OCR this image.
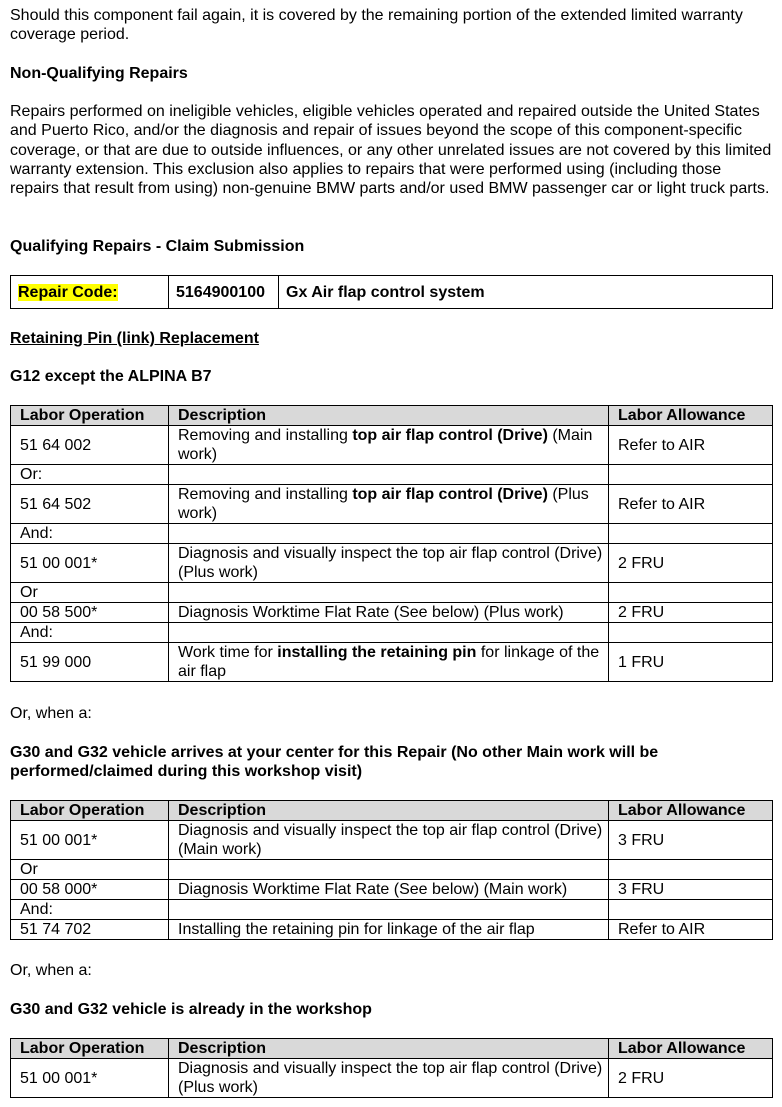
Should this component fail again, it is covered by the remaining portion of the extended limited warranty coverage period.

Non-Qualifying Repairs

Repairs performed on ineligible vehicles, eligible vehicles operated and repaired outside the United States and Puerto Rico, and/or the diagnosis and repair of issues beyond the scope of this component-specific coverage, or that are due to outside influences, or any other unrelated issues are not covered by this limited warranty extension. This exclusion also applies to repairs that were performed using (including those repairs that result from using) non-genuine BMW parts and/or used BMW passenger car or light truck parts.

Qualifying Repairs - Claim Submission

Repair Code:	5164900100	Gx Air flap control system

Retaining Pin (link) Replacement

G12 except the ALPINA B7

Labor Operation	Description	Labor Allowance
51 64 002	Removing and installing top air flap control (Drive) (Main work)	Refer to AIR
Or:		
51 64 502	Removing and installing top air flap control (Drive) (Plus work)	Refer to AIR
And:		
51 00 001*	Diagnosis and visually inspect the top air flap control (Drive) (Plus work)	2 FRU
Or		
00 58 500*	Diagnosis Worktime Flat Rate (See below) (Plus work)	2 FRU
And:		
51 99 000	Work time for installing the retaining pin for linkage of the air flap	1 FRU

Or, when a:

G30 and G32 vehicle arrives at your center for this Repair (No other Main work will be performed/claimed during this workshop visit)

Labor Operation	Description	Labor Allowance
51 00 001*	Diagnosis and visually inspect the top air flap control (Drive) (Main work)	3 FRU
Or		
00 58 000*	Diagnosis Worktime Flat Rate (See below) (Main work)	3 FRU
And:		
51 74 702	Installing the retaining pin for linkage of the air flap	Refer to AIR

Or, when a:

G30 and G32 vehicle is already in the workshop

Labor Operation	Description	Labor Allowance
51 00 001*	Diagnosis and visually inspect the top air flap control (Drive) (Plus work)	2 FRU
